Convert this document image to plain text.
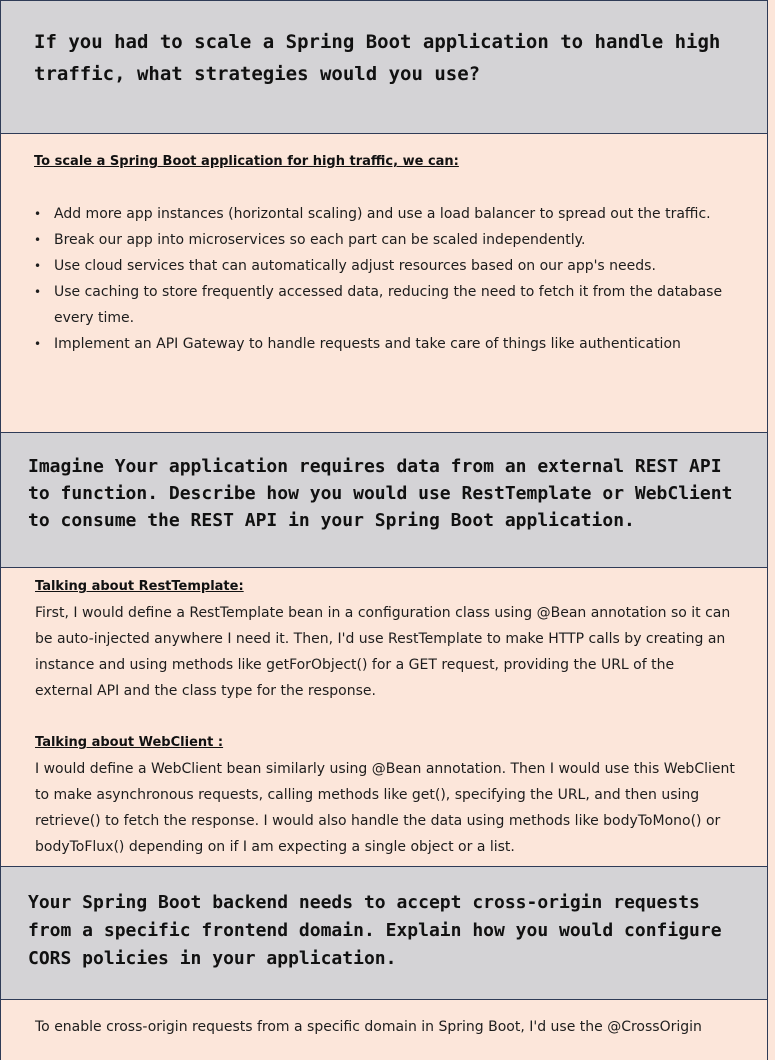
If you had to scale a Spring Boot application to handle high traffic, what strategies would you use?

To scale a Spring Boot application for high traffic, we can:

• Add more app instances (horizontal scaling) and use a load balancer to spread out the traffic.
• Break our app into microservices so each part can be scaled independently.
• Use cloud services that can automatically adjust resources based on our app's needs.
• Use caching to store frequently accessed data, reducing the need to fetch it from the database every time.
• Implement an API Gateway to handle requests and take care of things like authentication

Imagine Your application requires data from an external REST API to function. Describe how you would use RestTemplate or WebClient to consume the REST API in your Spring Boot application.

Talking about RestTemplate:

First, I would define a RestTemplate bean in a configuration class using @Bean annotation so it can be auto-injected anywhere I need it. Then, I'd use RestTemplate to make HTTP calls by creating an instance and using methods like getForObject() for a GET request, providing the URL of the external API and the class type for the response.

Talking about WebClient :

I would define a WebClient bean similarly using @Bean annotation. Then I would use this WebClient to make asynchronous requests, calling methods like get(), specifying the URL, and then using retrieve() to fetch the response. I would also handle the data using methods like bodyToMono() or bodyToFlux() depending on if I am expecting a single object or a list.

Your Spring Boot backend needs to accept cross-origin requests from a specific frontend domain. Explain how you would configure CORS policies in your application.

To enable cross-origin requests from a specific domain in Spring Boot, I'd use the @CrossOrigin
